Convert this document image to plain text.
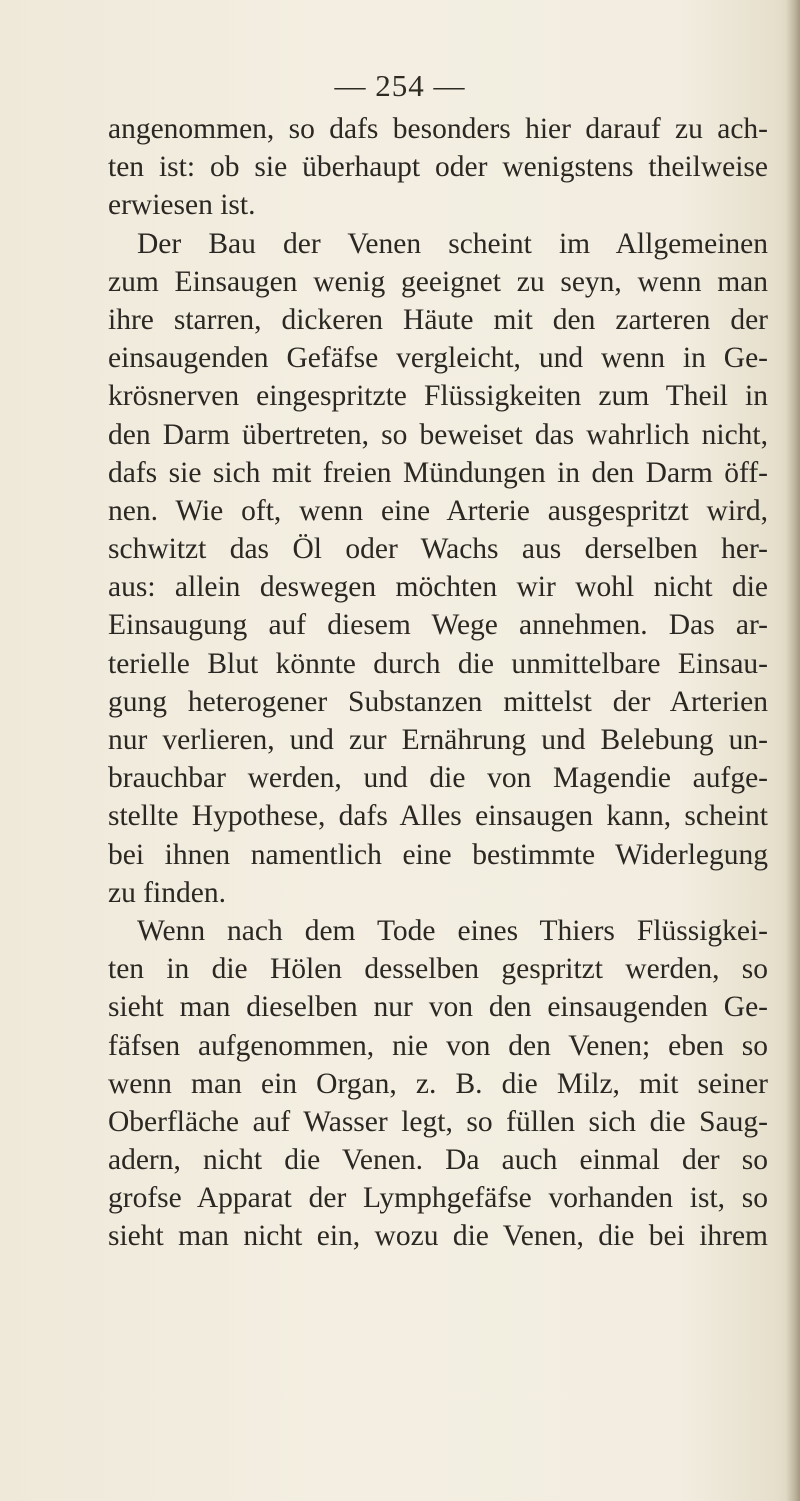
— 254 —
angenommen, so dafs besonders hier darauf zu ach-
ten ist: ob sie überhaupt oder wenigstens theilweise
erwiesen ist.
Der Bau der Venen scheint im Allgemeinen
zum Einsaugen wenig geeignet zu seyn, wenn man
ihre starren, dickeren Häute mit den zarteren der
einsaugenden Gefäfse vergleicht, und wenn in Ge-
krösnerven eingespritzte Flüssigkeiten zum Theil in
den Darm übertreten, so beweiset das wahrlich nicht,
dafs sie sich mit freien Mündungen in den Darm öff-
nen. Wie oft, wenn eine Arterie ausgespritzt wird,
schwitzt das Öl oder Wachs aus derselben her-
aus: allein deswegen möchten wir wohl nicht die
Einsaugung auf diesem Wege annehmen. Das ar-
terielle Blut könnte durch die unmittelbare Einsau-
gung heterogener Substanzen mittelst der Arterien
nur verlieren, und zur Ernährung und Belebung un-
brauchbar werden, und die von Magendie aufge-
stellte Hypothese, dafs Alles einsaugen kann, scheint
bei ihnen namentlich eine bestimmte Widerlegung
zu finden.
Wenn nach dem Tode eines Thiers Flüssigkei-
ten in die Hölen desselben gespritzt werden, so
sieht man dieselben nur von den einsaugenden Ge-
fäfsen aufgenommen, nie von den Venen; eben so
wenn man ein Organ, z. B. die Milz, mit seiner
Oberfläche auf Wasser legt, so füllen sich die Saug-
adern, nicht die Venen. Da auch einmal der so
grofse Apparat der Lymphgefäfse vorhanden ist, so
sieht man nicht ein, wozu die Venen, die bei ihrem
